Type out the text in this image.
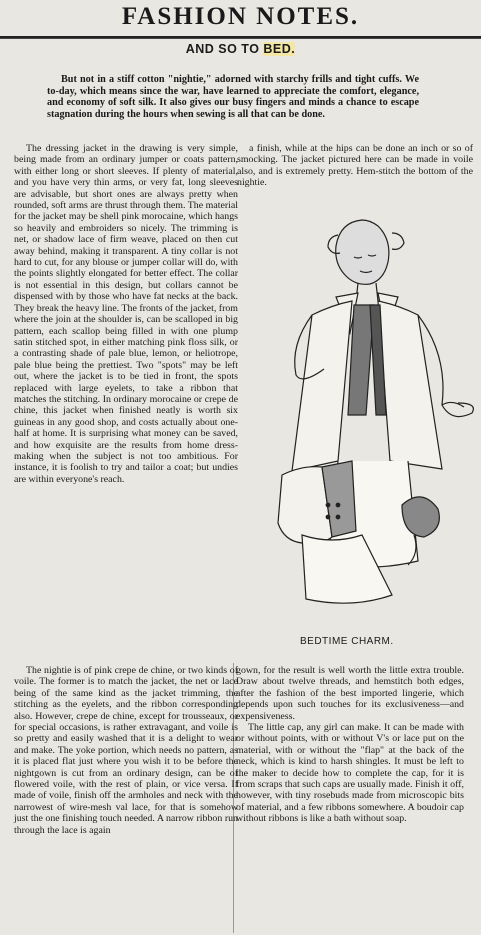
FASHION NOTES.
AND SO TO BED.
But not in a stiff cotton "nightie," adorned with starchy frills and tight cuffs. We to-day, which means since the war, have learned to appreciate the comfort, elegance, and economy of soft silk. It also gives our busy fingers and minds a chance to escape stagnation during the hours when sewing is all that can be done.

The dressing jacket in the drawing is very simple, being made from an ordinary jumper or coats pattern, with either long or short sleeves. If plenty of material, and you have very thin arms, or very fat, long sleeves are advisable, but short ones are always pretty when rounded, soft arms are thrust through them. The material for the jacket may be shell pink morocaine, which hangs so heavily and embroiders so nicely. The trimming is net, or shadow lace of firm weave, placed on then cut away behind, making it transparent. A tiny collar is not hard to cut, for any blouse or jumper collar will do, with the points slightly elongated for better effect. The collar is not essential in this design, but collars cannot be dispensed with by those who have fat necks at the back. They break the heavy line. The fronts of the jacket, from where the join at the shoulder is, can be scalloped in big pattern, each scallop being filled in with one plump satin stitched spot, in either matching pink floss silk, or a contrasting shade of pale blue, lemon, or heliotrope, pale blue being the prettiest. Two "spots" may be left out, where the jacket is to be tied in front, the spots replaced with large eyelets, to take a ribbon that matches the stitching. In ordinary morocaine or crepe de chine, this jacket when finished neatly is worth six guineas in any good shop, and costs actually about one-half at home. It is surprising what money can be saved, and how exquisite are the results from home dress-making when the subject is not too ambitious. For instance, it is foolish to try and tailor a coat; but undies are within everyone's reach.

a finish, while at the hips can be done an inch or so of smocking. The jacket pictured here can be made in voile also, and is extremely pretty. Hem-stitch the bottom of the nightie.

BEDTIME CHARM.

The nightie is of pink crepe de chine, or two kinds of voile. The former is to match the jacket, the net or lace being of the same kind as the jacket trimming, the stitching as the eyelets, and the ribbon corresponding also. However, crepe de chine, except for trousseaux, or for special occasions, is rather extravagant, and voile is so pretty and easily washed that it is a delight to wear and make. The yoke portion, which needs no pattern, as it is placed flat just where you wish it to be before the nightgown is cut from an ordinary design, can be of flowered voile, with the rest of plain, or vice versa. If made of voile, finish off the armholes and neck with the narrowest of wire-mesh val lace, for that is somehow just the one finishing touch needed. A narrow ribbon run through the lace is again

gown, for the result is well worth the little extra trouble. Draw about twelve threads, and hemstitch both edges, after the fashion of the best imported lingerie, which depends upon such touches for its exclusiveness—and expensiveness.

The little cap, any girl can make. It can be made with or without points, with or without V's or lace put on the material, with or without the "flap" at the back of the neck, which is kind to harsh shingles. It must be left to the maker to decide how to complete the cap, for it is from scraps that such caps are usually made. Finish it off, however, with tiny rosebuds made from microscopic bits of material, and a few ribbons somewhere. A boudoir cap without ribbons is like a bath without soap.
